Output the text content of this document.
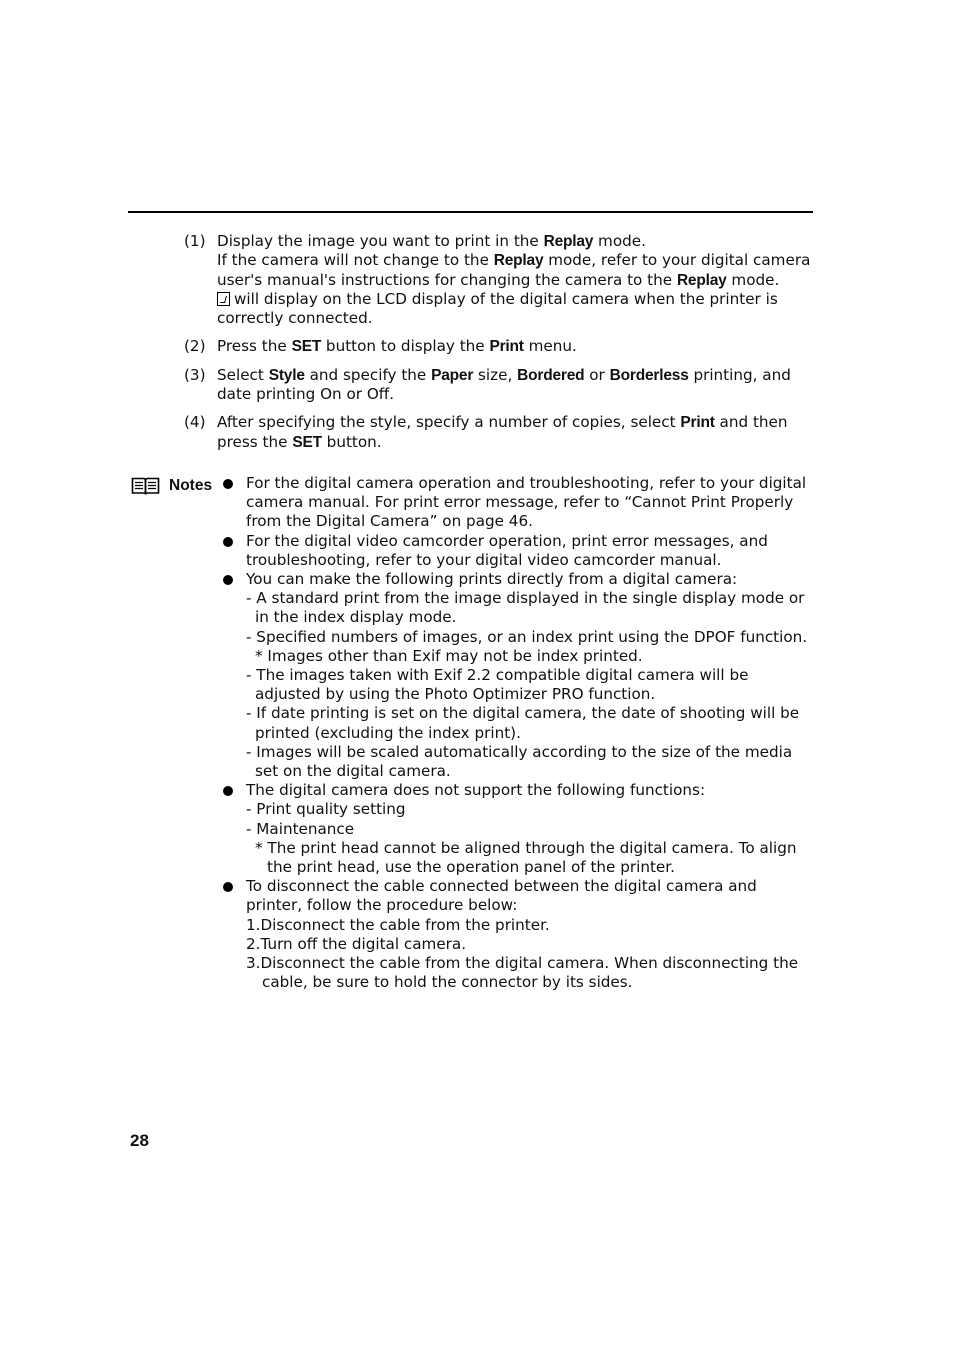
(1) Display the image you want to print in the Replay mode.
If the camera will not change to the Replay mode, refer to your digital camera user's manual's instructions for changing the camera to the Replay mode.
will display on the LCD display of the digital camera when the printer is correctly connected.
(2) Press the SET button to display the Print menu.
(3) Select Style and specify the Paper size, Bordered or Borderless printing, and date printing On or Off.
(4) After specifying the style, specify a number of copies, select Print and then press the SET button.
Notes For the digital camera operation and troubleshooting, refer to your digital camera manual. For print error message, refer to “Cannot Print Properly from the Digital Camera” on page 46.
For the digital video camcorder operation, print error messages, and troubleshooting, refer to your digital video camcorder manual.
You can make the following prints directly from a digital camera:
- A standard print from the image displayed in the single display mode or in the index display mode.
- Specified numbers of images, or an index print using the DPOF function.
* Images other than Exif may not be index printed.
- The images taken with Exif 2.2 compatible digital camera will be adjusted by using the Photo Optimizer PRO function.
- If date printing is set on the digital camera, the date of shooting will be printed (excluding the index print).
- Images will be scaled automatically according to the size of the media set on the digital camera.
The digital camera does not support the following functions:
- Print quality setting
- Maintenance
* The print head cannot be aligned through the digital camera. To align the print head, use the operation panel of the printer.
To disconnect the cable connected between the digital camera and printer, follow the procedure below:
1.Disconnect the cable from the printer.
2.Turn off the digital camera.
3.Disconnect the cable from the digital camera. When disconnecting the cable, be sure to hold the connector by its sides.
28
